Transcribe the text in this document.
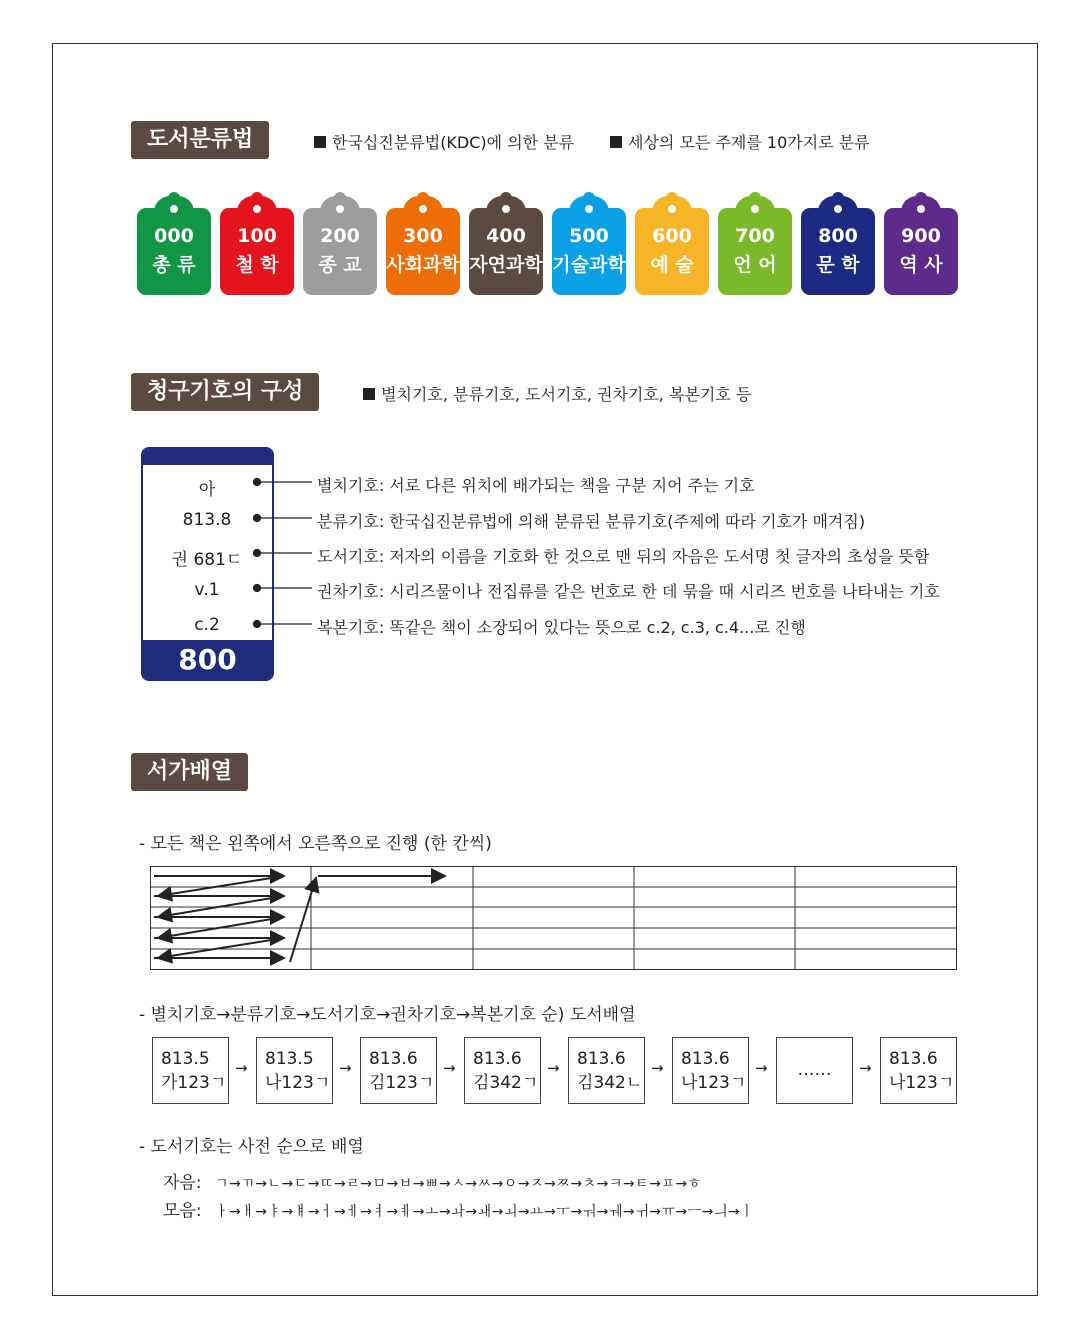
도서분류법	한국십진분류법(KDC)에 의한 분류	세상의 모든 주제를 10가지로 분류
000
총 류
100
철 학
200
종 교
300
사회과학
400
자연과학
500
기술과학
600
예 술
700
언 어
800
문 학
900
역 사
청구기호의 구성	별치기호, 분류기호, 도서기호, 권차기호, 복본기호 등
아
813.8
권 681ㄷ
v.1
c.2
800
별치기호: 서로 다른 위치에 배가되는 책을 구분 지어 주는 기호
분류기호: 한국십진분류법에 의해 분류된 분류기호(주제에 따라 기호가 매겨짐)
도서기호: 저자의 이름을 기호화 한 것으로 맨 뒤의 자음은 도서명 첫 글자의 초성을 뜻함
권차기호: 시리즈물이나 전집류를 같은 번호로 한 데 묶을 때 시리즈 번호를 나타내는 기호
복본기호: 똑같은 책이 소장되어 있다는 뜻으로 c.2, c.3, c.4...로 진행
서가배열
- 모든 책은 왼쪽에서 오른쪽으로 진행 (한 칸씩)
- 별치기호→분류기호→도서기호→권차기호→복본기호 순) 도서배열
813.5
가123ㄱ
→ 813.5
나123ㄱ
→ 813.6
김123ㄱ
→ 813.6
김342ㄱ
→ 813.6
김342ㄴ
→ 813.6
나123ㄱ
→	……	→ 813.6
나123ㄱ
- 도서기호는 사전 순으로 배열
자음: ㄱ→ㄲ→ㄴ→ㄷ→ㄸ→ㄹ→ㅁ→ㅂ→ㅃ→ㅅ→ㅆ→ㅇ→ㅈ→ㅉ→ㅊ→ㅋ→ㅌ→ㅍ→ㅎ
모음: ㅏ→ㅐ→ㅑ→ㅒ→ㅓ→ㅔ→ㅕ→ㅖ→ㅗ→ㅘ→ㅙ→ㅚ→ㅛ→ㅜ→ㅝ→ㅞ→ㅟ→ㅠ→ㅡ→ㅢ→ㅣ
